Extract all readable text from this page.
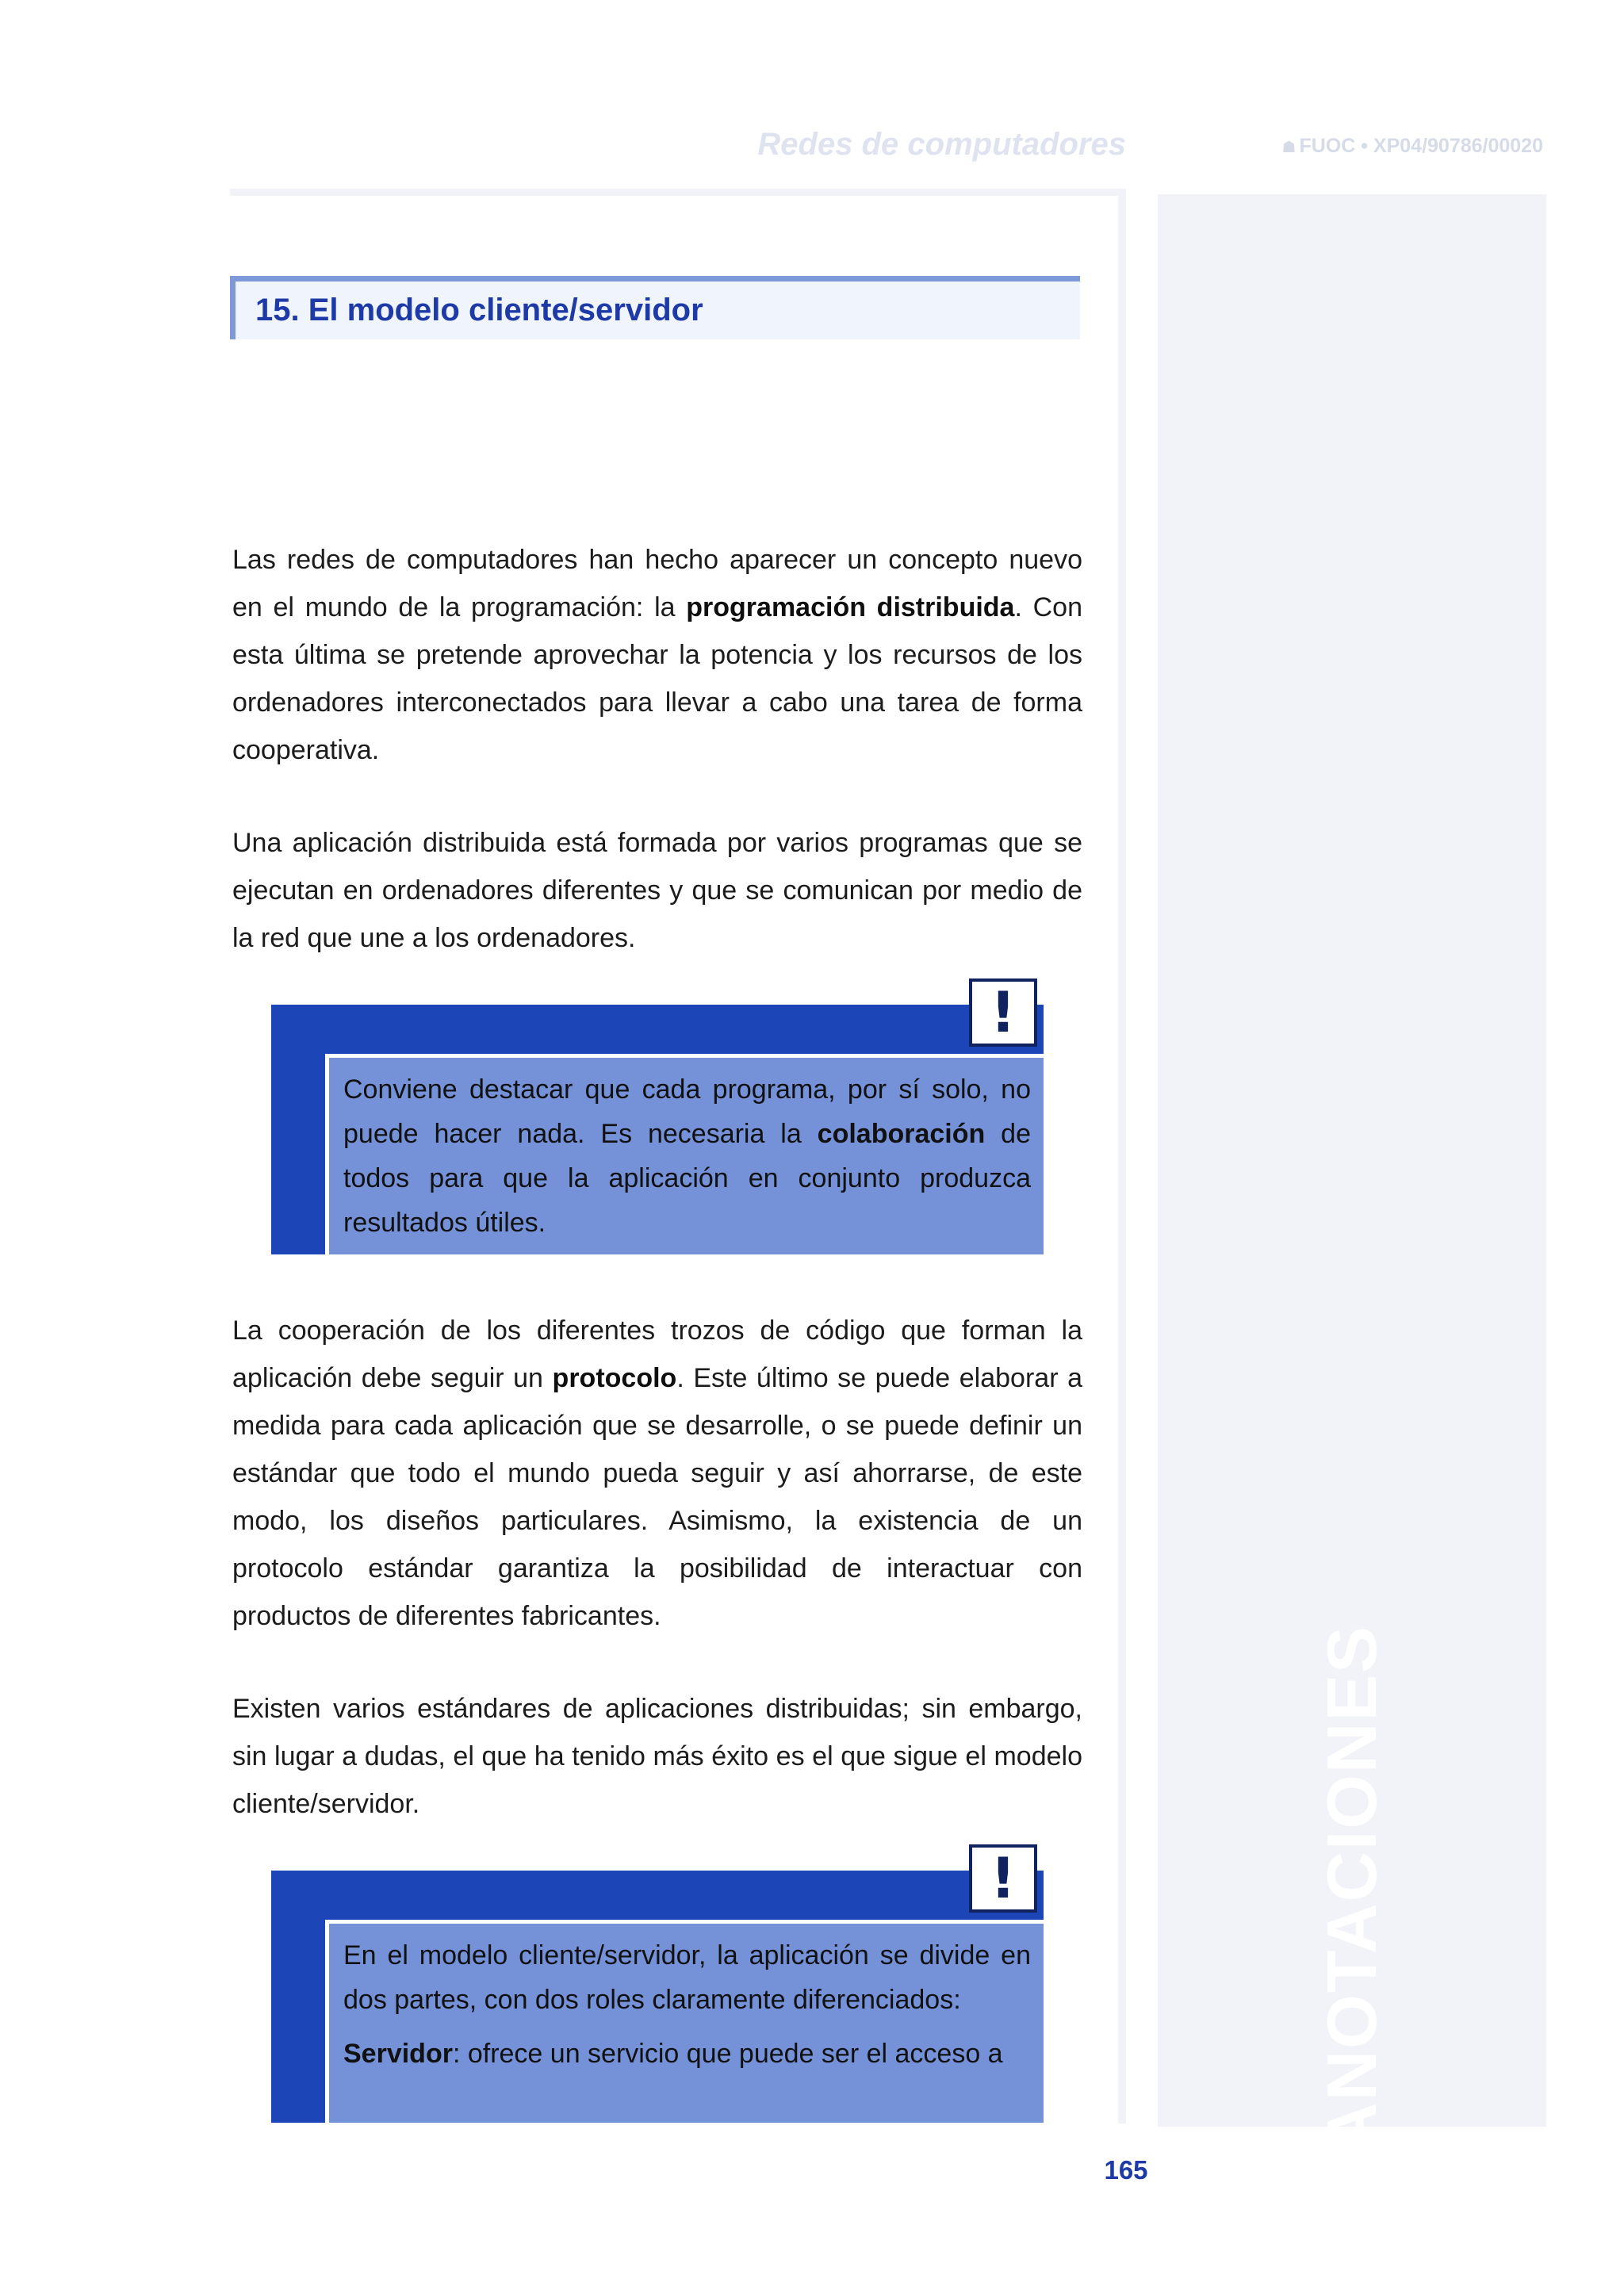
Redes de computadores	☗ FUOC • XP04/90786/00020
ANOTACIONES
15. El modelo cliente/servidor

Las redes de computadores han hecho aparecer un concepto nuevo en el mundo de la programación: la programación distribuida. Con esta última se pretende aprovechar la potencia y los recursos de los ordenadores interconectados para llevar a cabo una tarea de forma cooperativa.

Una aplicación distribuida está formada por varios programas que se ejecutan en ordenadores diferentes y que se comunican por medio de la red que une a los ordenadores.

!

Conviene destacar que cada programa, por sí solo, no puede hacer nada. Es necesaria la colaboración de todos para que la aplicación en conjunto produzca resultados útiles.

La cooperación de los diferentes trozos de código que forman la aplicación debe seguir un protocolo. Este último se puede elaborar a medida para cada aplicación que se desarrolle, o se puede definir un estándar que todo el mundo pueda seguir y así ahorrarse, de este modo, los diseños particulares. Asimismo, la existencia de un protocolo estándar garantiza la posibilidad de interactuar con productos de diferentes fabricantes.

Existen varios estándares de aplicaciones distribuidas; sin embargo, sin lugar a dudas, el que ha tenido más éxito es el que sigue el modelo cliente/servidor.

!

En el modelo cliente/servidor, la aplicación se divide en dos partes, con dos roles claramente diferenciados:

Servidor: ofrece un servicio que puede ser el acceso a

165
